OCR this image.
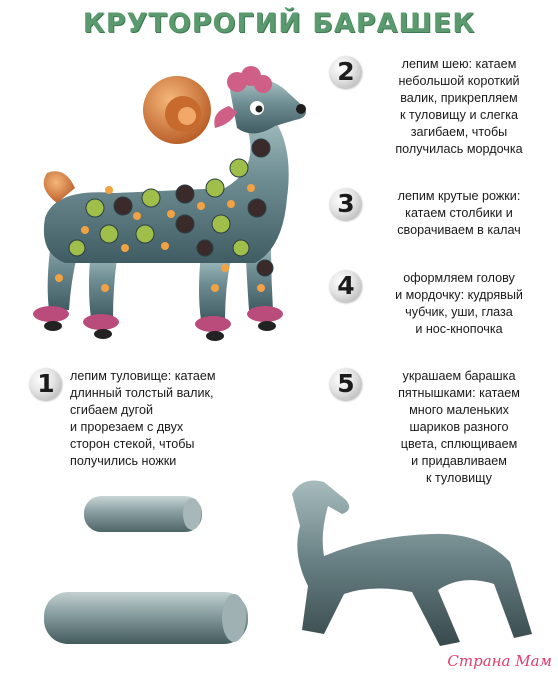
КРУТОРОГИЙ БАРАШЕК
2	лепим шею: катаем
небольшой короткий
валик, прикрепляем
к туловищу и слегка
загибаем, чтобы
получилась мордочка
3	лепим крутые рожки:
катаем столбики и
сворачиваем в калач
4	оформляем голову
и мордочку: кудрявый
чубчик, уши, глаза
и нос-кнопочка
1	лепим туловище: катаем
длинный толстый валик,
сгибаем дугой
и прорезаем с двух
сторон стекой, чтобы
получились ножки
5	украшаем барашка
пятнышками: катаем
много маленьких
шариков разного
цвета, сплющиваем
и придавливаем
к туловищу
Страна Мам
